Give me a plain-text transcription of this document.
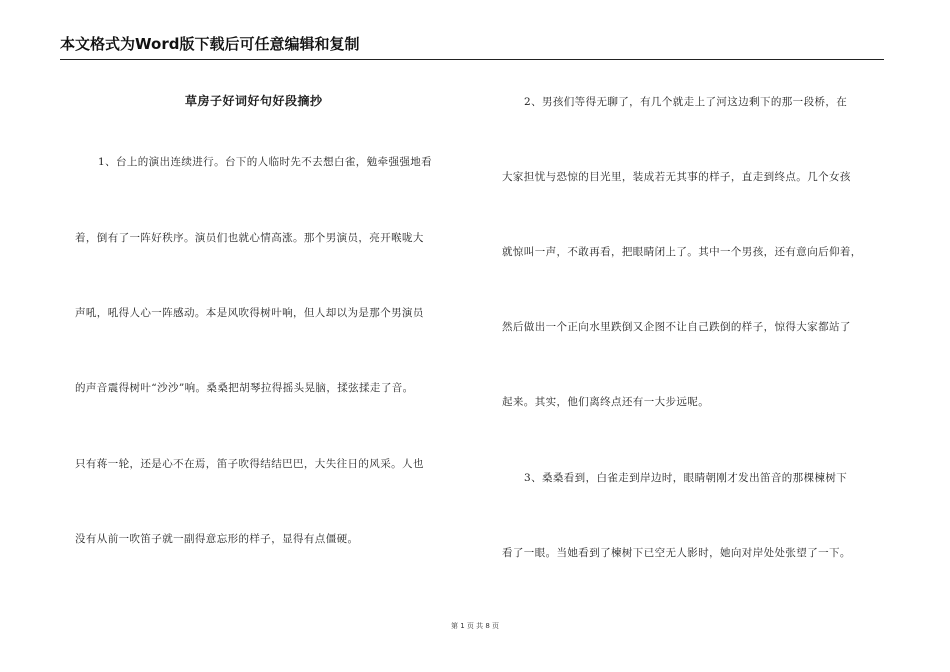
本文格式为Word版下载后可任意编辑和复制
草房子好词好句好段摘抄
1、台上的演出连续进行。台下的人临时先不去想白雀，勉牵强强地看
着，倒有了一阵好秩序。演员们也就心情高涨。那个男演员，亮开喉咙大
声吼，吼得人心一阵感动。本是风吹得树叶响，但人却以为是那个男演员
的声音震得树叶“沙沙”响。桑桑把胡琴拉得摇头晃脑，揉弦揉走了音。
只有蒋一轮，还是心不在焉，笛子吹得结结巴巴，大失往日的风采。人也
没有从前一吹笛子就一副得意忘形的样子，显得有点僵硬。
2、男孩们等得无聊了，有几个就走上了河这边剩下的那一段桥，在
大家担忧与恐惊的目光里，装成若无其事的样子，直走到终点。几个女孩
就惊叫一声，不敢再看，把眼睛闭上了。其中一个男孩，还有意向后仰着，
然后做出一个正向水里跌倒又企图不让自己跌倒的样子，惊得大家都站了
起来。其实，他们离终点还有一大步远呢。
3、桑桑看到，白雀走到岸边时，眼睛朝刚才发出笛音的那棵楝树下
看了一眼。当她看到了楝树下已空无人影时，她向对岸处处张望了一下。
第 1 页 共 8 页
